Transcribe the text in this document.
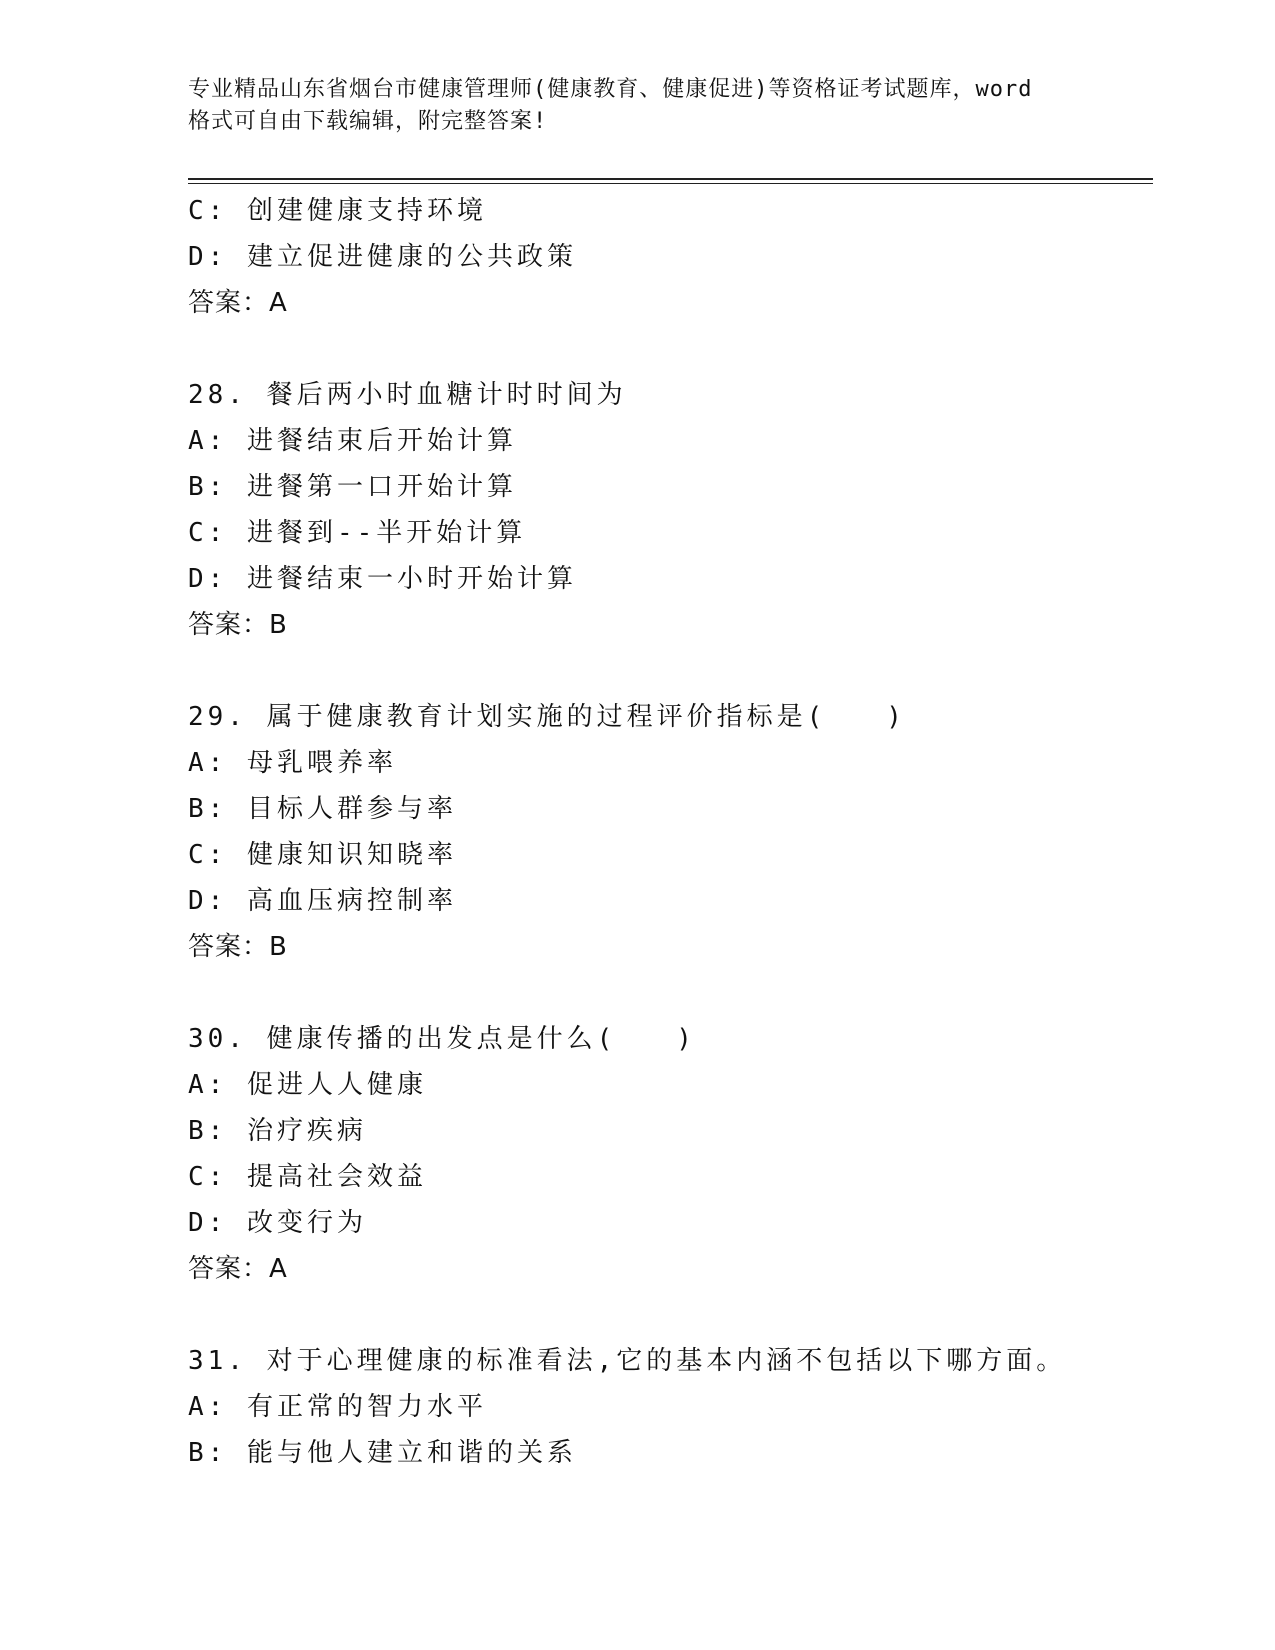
专业精品山东省烟台市健康管理师(健康教育、健康促进)等资格证考试题库，word
格式可自由下载编辑，附完整答案!
C: 创建健康支持环境
D: 建立促进健康的公共政策
答案：A
28. 餐后两小时血糖计时时间为
A: 进餐结束后开始计算
B: 进餐第一口开始计算
C: 进餐到--半开始计算
D: 进餐结束一小时开始计算
答案：B
29. 属于健康教育计划实施的过程评价指标是(　　)
A: 母乳喂养率
B: 目标人群参与率
C: 健康知识知晓率
D: 高血压病控制率
答案：B
30. 健康传播的出发点是什么(　　)
A: 促进人人健康
B: 治疗疾病
C: 提高社会效益
D: 改变行为
答案：A
31. 对于心理健康的标准看法,它的基本内涵不包括以下哪方面。
A: 有正常的智力水平
B: 能与他人建立和谐的关系
